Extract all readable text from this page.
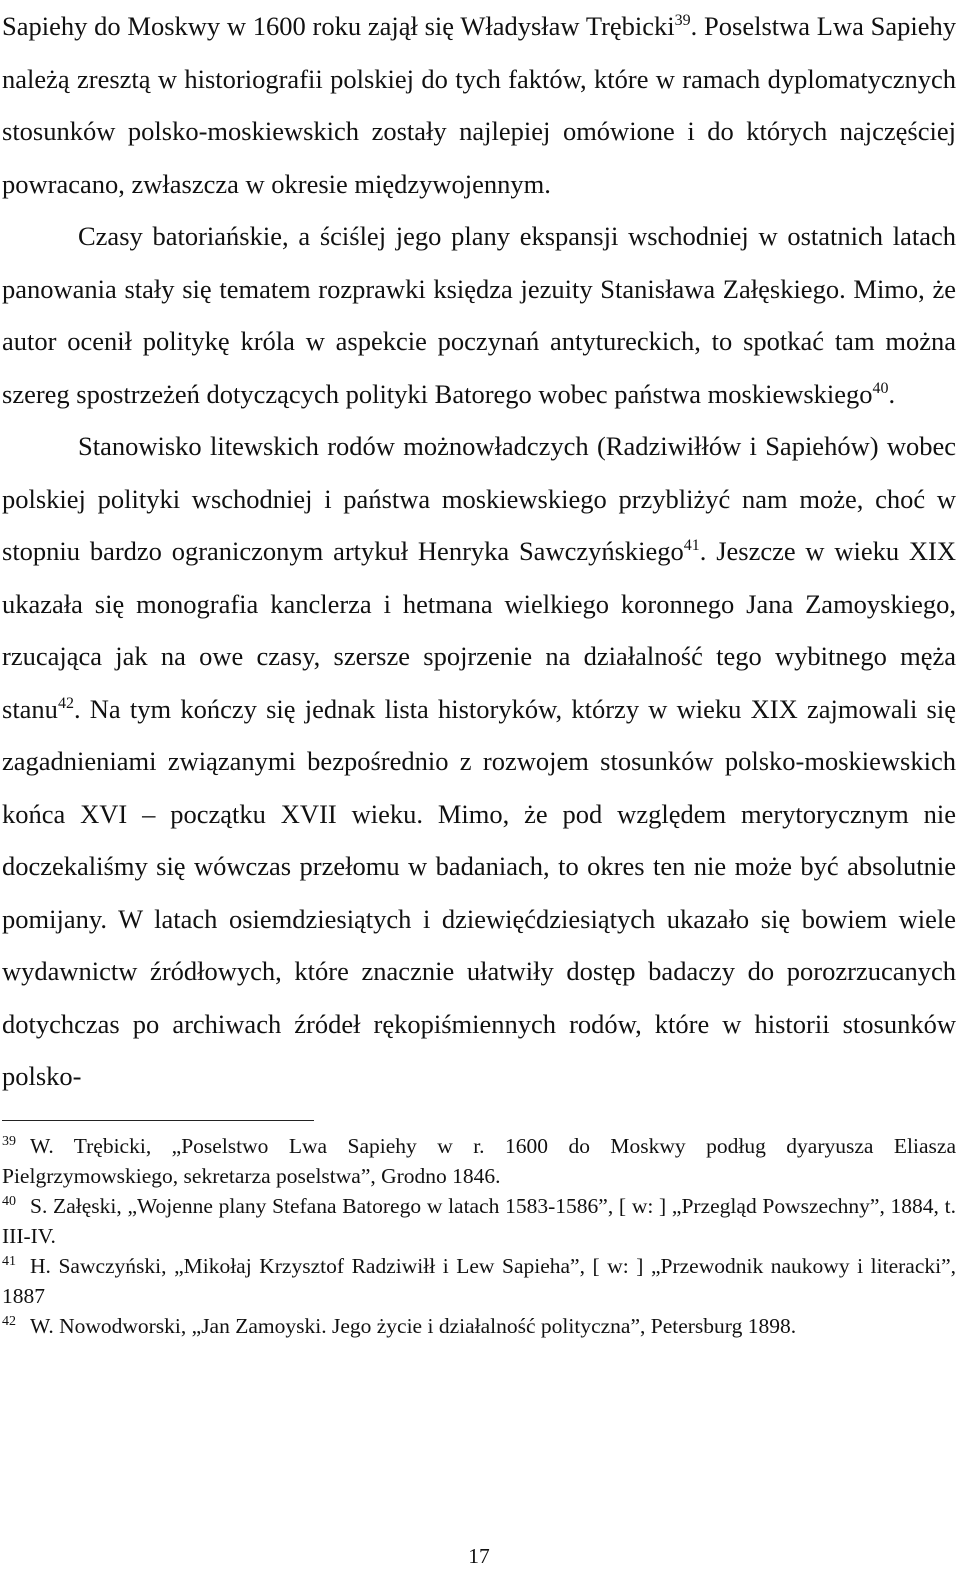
Sapiehy do Moskwy w 1600 roku zajął się Władysław Trębicki$^{39}$. Poselstwa Lwa Sapiehy należą zresztą w historiografii polskiej do tych faktów, które w ramach dyplomatycznych stosunków polsko-moskiewskich zostały najlepiej omówione i do których najczęściej powracano, zwłaszcza w okresie międzywojennym.

Czasy batoriańskie, a ściślej jego plany ekspansji wschodniej w ostatnich latach panowania stały się tematem rozprawki księdza jezuity Stanisława Załęskiego. Mimo, że autor ocenił politykę króla w aspekcie poczynań antytureckich, to spotkać tam można szereg spostrzeżeń dotyczących polityki Batorego wobec państwa moskiewskiego$^{40}$.

Stanowisko litewskich rodów możnowładczych (Radziwiłłów i Sapiehów) wobec polskiej polityki wschodniej i państwa moskiewskiego przybliżyć nam może, choć w stopniu bardzo ograniczonym artykuł Henryka Sawczyńskiego$^{41}$. Jeszcze w wieku XIX ukazała się monografia kanclerza i hetmana wielkiego koronnego Jana Zamoyskiego, rzucająca jak na owe czasy, szersze spojrzenie na działalność tego wybitnego męża stanu$^{42}$. Na tym kończy się jednak lista historyków, którzy w wieku XIX zajmowali się zagadnieniami związanymi bezpośrednio z rozwojem stosunków polsko-moskiewskich końca XVI – początku XVII wieku. Mimo, że pod względem merytorycznym nie doczekaliśmy się wówczas przełomu w badaniach, to okres ten nie może być absolutnie pomijany. W latach osiemdziesiątych i dziewięćdziesiątych ukazało się bowiem wiele wydawnictw źródłowych, które znacznie ułatwiły dostęp badaczy do porozrzucanych dotychczas po archiwach źródeł rękopiśmiennych rodów, które w historii stosunków polsko-

$^{39}$ W. Trębicki, „Poselstwo Lwa Sapiehy w r. 1600 do Moskwy podług dyaryusza Eliasza Pielgrzymowskiego, sekretarza poselstwa”, Grodno 1846.

$^{40}$ S. Załęski, „Wojenne plany Stefana Batorego w latach 1583-1586”, [ w: ] „Przegląd Powszechny”, 1884, t. III-IV.

$^{41}$ H. Sawczyński, „Mikołaj Krzysztof Radziwiłł i Lew Sapieha”, [ w: ] „Przewodnik naukowy i literacki”, 1887

$^{42}$ W. Nowodworski, „Jan Zamoyski. Jego życie i działalność polityczna”, Petersburg 1898.

17
